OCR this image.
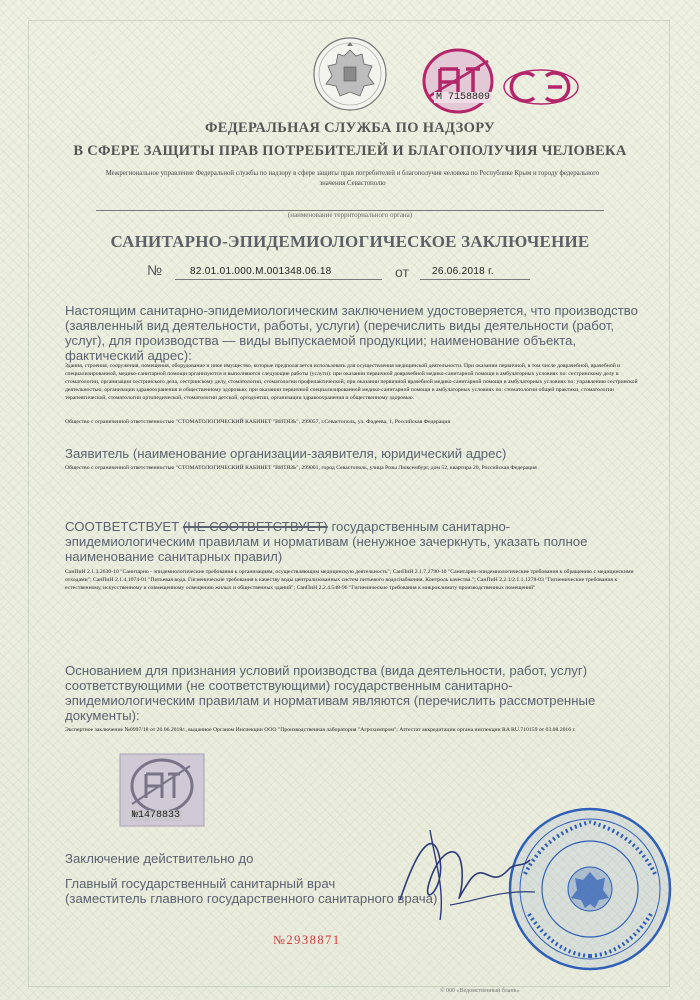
М 7158809
ФЕДЕРАЛЬНАЯ СЛУЖБА ПО НАДЗОРУ
В СФЕРЕ ЗАЩИТЫ ПРАВ ПОТРЕБИТЕЛЕЙ И БЛАГОПОЛУЧИЯ ЧЕЛОВЕКА
Межрегиональное управление Федеральной службы по надзору в сфере защиты прав потребителей и благополучия человека по Республике Крым и городу федерального
значения Севастополю
(наименование территориального органа)
САНИТАРНО-ЭПИДЕМИОЛОГИЧЕСКОЕ ЗАКЛЮЧЕНИЕ
№	82.01.01.000.М.001348.06.18	от 26.06.2018 г.
Настоящим санитарно-эпидемиологическим заключением удостоверяется, что производство (заявленный вид деятельности, работы, услуги) (перечислить виды деятельности (работ, услуг), для производства — виды выпускаемой продукции; наименование объекта, фактический адрес):
Здания, строения, сооружения, помещения, оборудование и иное имущество, которые предполагается использовать для осуществления медицинской деятельности. При оказании первичной, в том числе доврачебной, врачебной и специализированной, медико-санитарной помощи организуются и выполняются следующие работы (услуги): при оказании первичной доврачебной медико-санитарной помощи в амбулаторных условиях по: сестринскому делу в стоматологии, организации сестринского дела, сестринскому делу, стоматологии, стоматологии профилактической; при оказании первичной врачебной медико-санитарной помощи в амбулаторных условиях по: управлению сестринской деятельностью, организации здравоохранения и общественному здоровью; при оказании первичной специализированной медико-санитарной помощи в амбулаторных условиях по: стоматологии общей практики, стоматологии терапевтической, стоматологии ортопедической, стоматологии детской, ортодонтии, организации здравоохранения и общественному здоровью.
Общество с ограниченной ответственностью "СТОМАТОЛОГИЧЕСКИЙ КАБИНЕТ "ВИТЯЗЬ", 299057, г.Севастополь, ул. Фадеева, 1, Российская Федерация
Заявитель (наименование организации-заявителя, юридический адрес)
Общество с ограниченной ответственностью "СТОМАТОЛОГИЧЕСКИЙ КАБИНЕТ "ВИТЯЗЬ", 299001, город Севастополь, улица Розы Люксембург, дом 52, квартира 20, Российская Федерация
СООТВЕТСТВУЕТ (НЕ СООТВЕТСТВУЕТ) государственным санитарно- эпидемиологическим правилам и нормативам (ненужное зачеркнуть, указать полное наименование санитарных правил)
СанПиН 2.1.3.2630-10 "Санитарно - эпидемиологические требования к организациям, осуществляющим медицинскую деятельность"; СанПиН 2.1.7.2790-10 "Санитарно-эпидемиологические требования к обращению с медицинскими отходами"; СанПиН 2.1.4.1074-01 "Питьевая вода. Гигиенические требования к качеству воды централизованных систем питьевого водоснабжения. Контроль качества."; СанПиН 2.2.1/2.1.1.1278-03 "Гигиенические требования к естественному, искусственному и совмещенному освещению жилых и общественных зданий"; СанПиН 2.2.4.548-96 "Гигиенические требования к микроклимату производственных помещений"
Основанием для признания условий производства (вида деятельности, работ, услуг) соответствующими (не соответствующими) государственным санитарно-эпидемиологическим правилам и нормативам являются (перечислить рассмотренные документы):
Экспертное заключение №0997/18 от 20.06.2018г., выданное Органом Инспекции ООО "Производственная лаборатория "Агрохимпром"; Аттестат аккредитации органа инспекции RA RU.710159 от 03.08.2016 г.
№1478833
Заключение действительно до
Главный государственный санитарный врач
(заместитель главного государственного санитарного врача)
№2938871
© 000 «Ведомственный бланк»
